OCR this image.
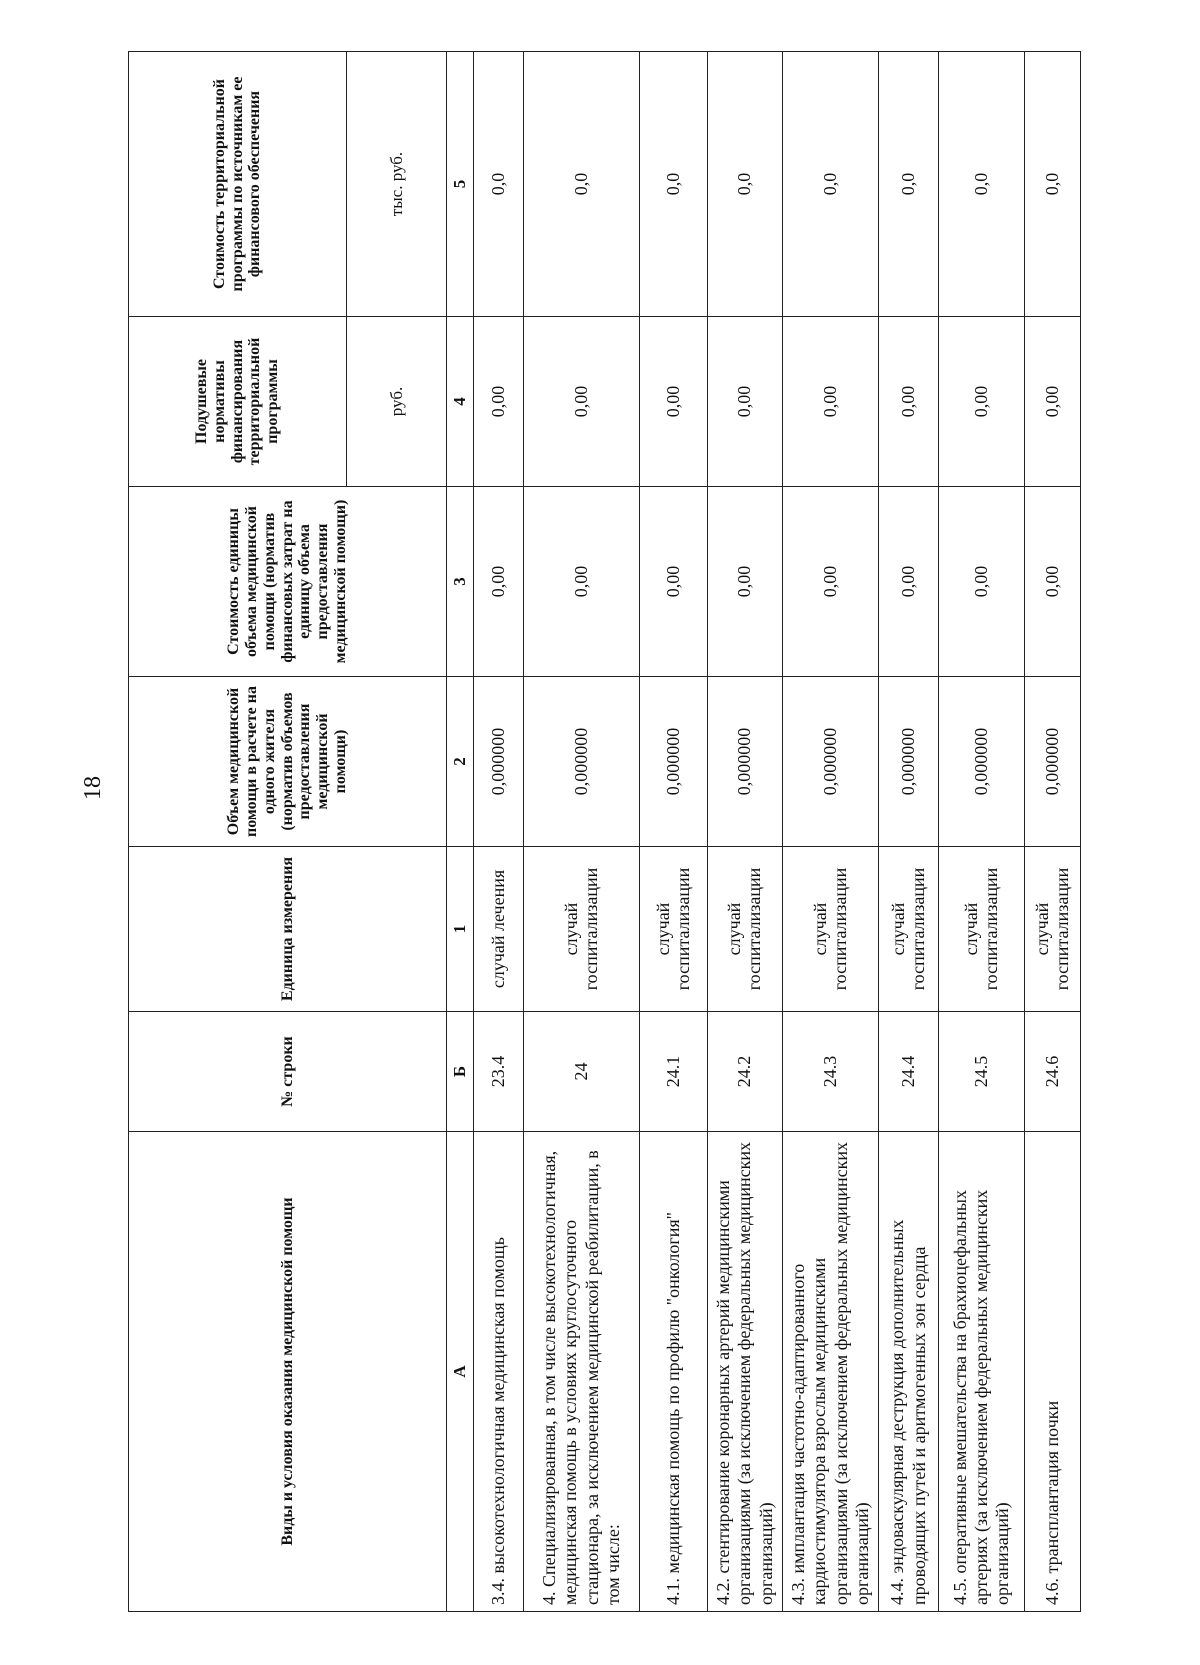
18
Виды и условия оказания медицинской помощи	№ строки	Единица измерения	Объем медицинской помощи в расчете на одного жителя (норматив объемов предоставления медицинской помощи)	Стоимость единицы объема медицинской помощи (норматив финансовых затрат на единицу объема предоставления медицинской помощи)	Подушевые нормативы финансирования территориальной программы	Стоимость территориальной программы по источникам ее финансового обеспечения
					руб.	тыс. руб.
А	Б	1	2	3	4	5
3.4. высокотехнологичная медицинская помощь	23.4	случай лечения	0,000000	0,00	0,00	0,0
4. Специализированная, в том числе высокотехнологичная, медицинская помощь в условиях круглосуточного стационара, за исключением медицинской реабилитации, в том числе:	24	случай госпитализации	0,000000	0,00	0,00	0,0
4.1. медицинская помощь по профилю "онкология"	24.1	случай госпитализации	0,000000	0,00	0,00	0,0
4.2. стентирование коронарных артерий медицинскими организациями (за исключением федеральных медицинских организаций)	24.2	случай госпитализации	0,000000	0,00	0,00	0,0
4.3. имплантация частотно-адаптированного кардиостимулятора взрослым медицинскими организациями (за исключением федеральных медицинских организаций)	24.3	случай госпитализации	0,000000	0,00	0,00	0,0
4.4. эндоваскулярная деструкция дополнительных проводящих путей и аритмогенных зон сердца	24.4	случай госпитализации	0,000000	0,00	0,00	0,0
4.5. оперативные вмешательства на брахиоцефальных артериях (за исключением федеральных медицинских организаций)	24.5	случай госпитализации	0,000000	0,00	0,00	0,0
4.6. трансплантация почки	24.6	случай госпитализации	0,000000	0,00	0,00	0,0
